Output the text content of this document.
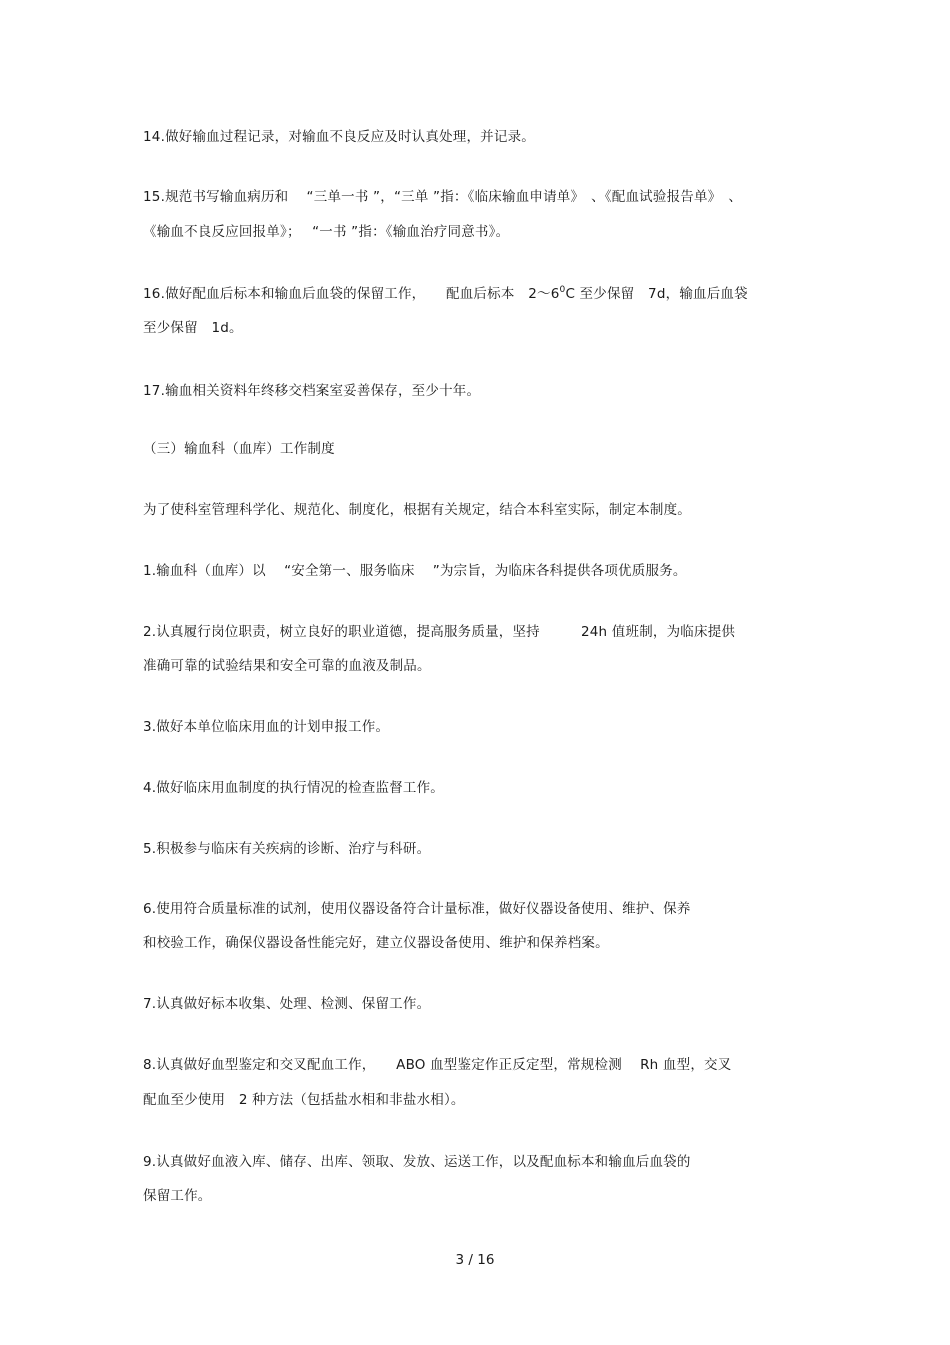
14.做好输血过程记录，对输血不良反应及时认真处理，并记录。
15.规范书写输血病历和　 “三单一书 ”，“三单 ”指：《临床输血申请单》　、《配血试验报告单》　、
《输血不良反应回报单》；　 “一书 ”指：《输血治疗同意书》。
16.做好配血后标本和输血后血袋的保留工作，　　配血后标本　$2\sim 6^0C$ 至少保留　7d，输血后血袋
至少保留　1d。
17.输血相关资料年终移交档案室妥善保存，至少十年。
（三）输血科（血库）工作制度
为了使科室管理科学化、规范化、制度化，根据有关规定，结合本科室实际，制定本制度。
1.输血科（血库）以　 “安全第一、服务临床　 ”为宗旨，为临床各科提供各项优质服务。
2.认真履行岗位职责，树立良好的职业道德，提高服务质量，坚持　　　24h 值班制，为临床提供
准确可靠的试验结果和安全可靠的血液及制品。
3.做好本单位临床用血的计划申报工作。
4.做好临床用血制度的执行情况的检查监督工作。
5.积极参与临床有关疾病的诊断、治疗与科研。
6.使用符合质量标准的试剂，使用仪器设备符合计量标准，做好仪器设备使用、维护、保养
和校验工作，确保仪器设备性能完好，建立仪器设备使用、维护和保养档案。
7.认真做好标本收集、处理、检测、保留工作。
8.认真做好血型鉴定和交叉配血工作，　　ABO 血型鉴定作正反定型，常规检测　 Rh 血型，交叉
配血至少使用　2 种方法（包括盐水相和非盐水相）。
9.认真做好血液入库、储存、出库、领取、发放、运送工作，以及配血标本和输血后血袋的
保留工作。
3 / 16
